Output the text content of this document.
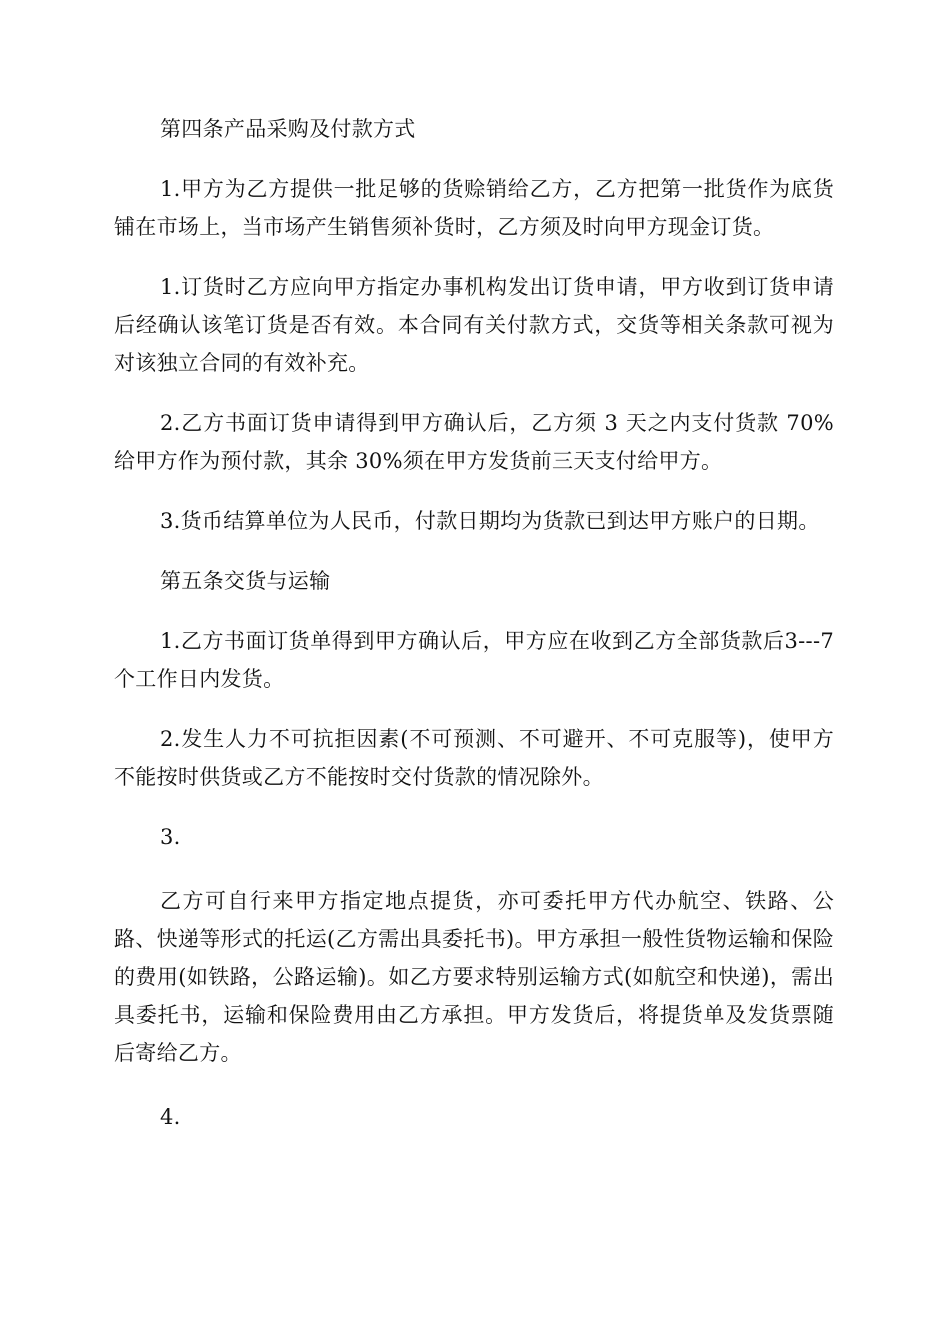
第四条产品采购及付款方式

1.甲方为乙方提供一批足够的货赊销给乙方，乙方把第一批货作为底货铺在市场上，当市场产生销售须补货时，乙方须及时向甲方现金订货。

1.订货时乙方应向甲方指定办事机构发出订货申请，甲方收到订货申请后经确认该笔订货是否有效。本合同有关付款方式，交货等相关条款可视为对该独立合同的有效补充。

2.乙方书面订货申请得到甲方确认后，乙方须 3 天之内支付货款 70%给甲方作为预付款，其余 30%须在甲方发货前三天支付给甲方。

3.货币结算单位为人民币，付款日期均为货款已到达甲方账户的日期。

第五条交货与运输

1.乙方书面订货单得到甲方确认后，甲方应在收到乙方全部货款后3---7 个工作日内发货。

2.发生人力不可抗拒因素(不可预测、不可避开、不可克服等)，使甲方不能按时供货或乙方不能按时交付货款的情况除外。

3.

乙方可自行来甲方指定地点提货，亦可委托甲方代办航空、铁路、公路、快递等形式的托运(乙方需出具委托书)。甲方承担一般性货物运输和保险的费用(如铁路，公路运输)。如乙方要求特别运输方式(如航空和快递)，需出具委托书，运输和保险费用由乙方承担。甲方发货后，将提货单及发货票随后寄给乙方。

4.
